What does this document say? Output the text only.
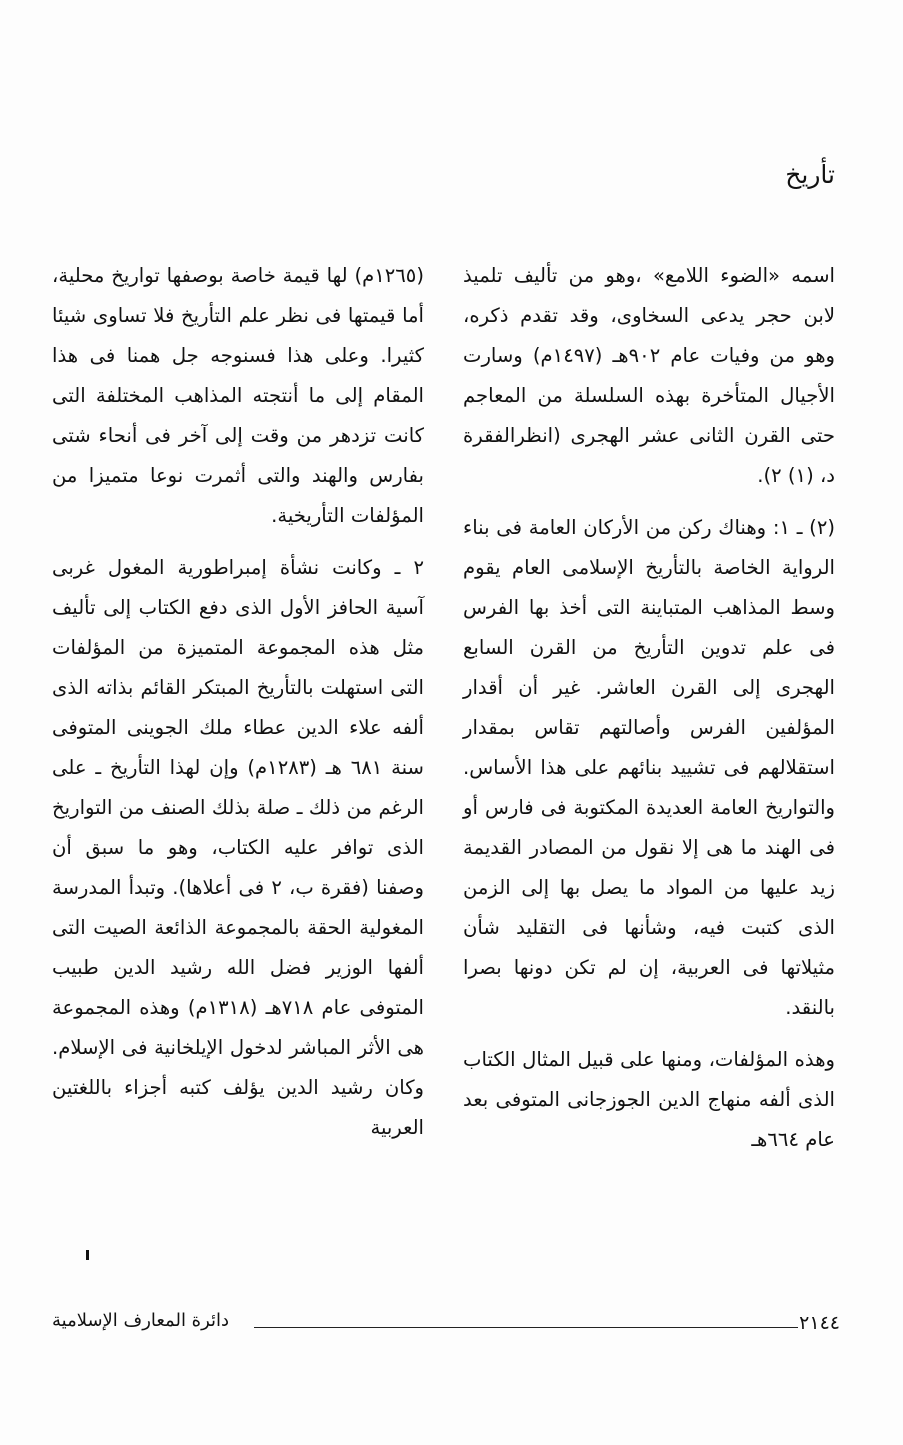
تأريخ

اسمه «الضوء اللامع» ،وهو من تأليف تلميذ لابن حجر يدعى السخاوى، وقد تقدم ذكره، وهو من وفيات عام ٩٠٢هـ (١٤٩٧م) وسارت الأجيال المتأخرة بهذه السلسلة من المعاجم حتى القرن الثانى عشر الهجرى (انظرالفقرة د، (١) ٢).

(٢) ـ ١: وهناك ركن من الأركان العامة فى بناء الرواية الخاصة بالتأريخ الإسلامى العام يقوم وسط المذاهب المتباينة التى أخذ بها الفرس فى علم تدوين التأريخ من القرن السابع الهجرى إلى القرن العاشر. غير أن أقدار المؤلفين الفرس وأصالتهم تقاس بمقدار استقلالهم فى تشييد بنائهم على هذا الأساس. والتواريخ العامة العديدة المكتوبة فى فارس أو فى الهند ما هى إلا نقول من المصادر القديمة زيد عليها من المواد ما يصل بها إلى الزمن الذى كتبت فيه، وشأنها فى التقليد شأن مثيلاتها فى العربية، إن لم تكن دونها بصرا بالنقد.

وهذه المؤلفات، ومنها على قبيل المثال الكتاب الذى ألفه منهاج الدين الجوزجانى المتوفى بعد عام ٦٦٤هـ

(١٢٦٥م) لها قيمة خاصة بوصفها تواريخ محلية، أما قيمتها فى نظر علم التأريخ فلا تساوى شيئا كثيرا. وعلى هذا فسنوجه جل همنا فى هذا المقام إلى ما أنتجته المذاهب المختلفة التى كانت تزدهر من وقت إلى آخر فى أنحاء شتى بفارس والهند والتى أثمرت نوعا متميزا من المؤلفات التأريخية.

٢ ـ وكانت نشأة إمبراطورية المغول غربى آسية الحافز الأول الذى دفع الكتاب إلى تأليف مثل هذه المجموعة المتميزة من المؤلفات التى استهلت بالتأريخ المبتكر القائم بذاته الذى ألفه علاء الدين عطاء ملك الجوينى المتوفى سنة ٦٨١ هـ (١٢٨٣م) وإن لهذا التأريخ ـ على الرغم من ذلك ـ صلة بذلك الصنف من التواريخ الذى توافر عليه الكتاب، وهو ما سبق أن وصفنا (فقرة ب، ٢ فى أعلاها). وتبدأ المدرسة المغولية الحقة بالمجموعة الذائعة الصيت التى ألفها الوزير فضل الله رشيد الدين طبيب المتوفى عام ٧١٨هـ (١٣١٨م) وهذه المجموعة هى الأثر المباشر لدخول الإيلخانية فى الإسلام. وكان رشيد الدين يؤلف كتبه أجزاء باللغتين العربية

دائرة المعارف الإسلامية	٢١٤٤
